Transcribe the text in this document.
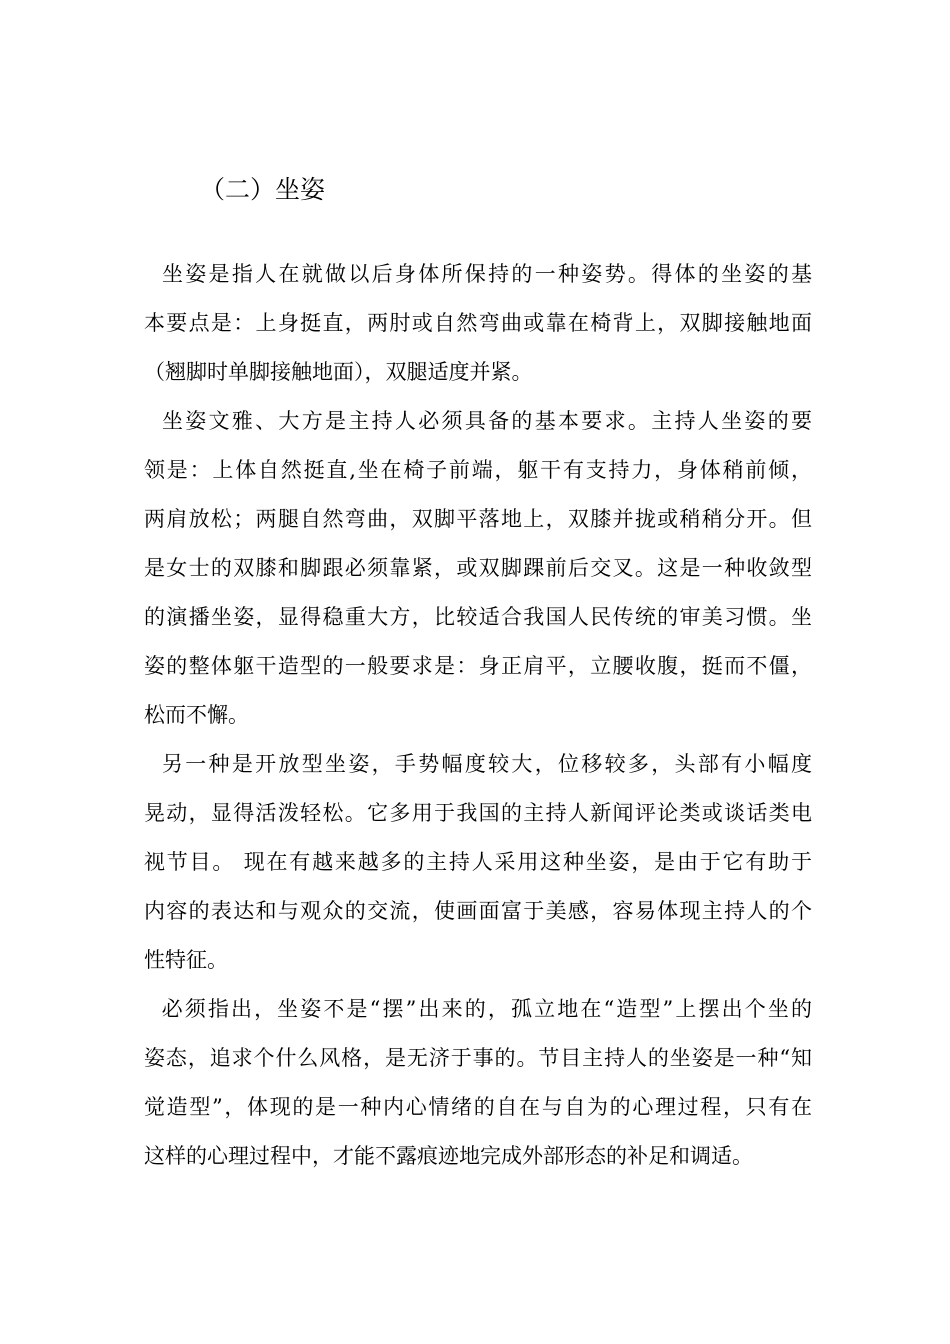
（二）坐姿
坐姿是指人在就做以后身体所保持的一种姿势。得体的坐姿的基
本要点是：上身挺直，两肘或自然弯曲或靠在椅背上，双脚接触地面
（翘脚时单脚接触地面），双腿适度并紧。
坐姿文雅、大方是主持人必须具备的基本要求。主持人坐姿的要
领是：上体自然挺直,坐在椅子前端，躯干有支持力，身体稍前倾，
两肩放松；两腿自然弯曲，双脚平落地上，双膝并拢或稍稍分开。但
是女士的双膝和脚跟必须靠紧，或双脚踝前后交叉。这是一种收敛型
的演播坐姿，显得稳重大方，比较适合我国人民传统的审美习惯。坐
姿的整体躯干造型的一般要求是：身正肩平，立腰收腹，挺而不僵，
松而不懈。
另一种是开放型坐姿，手势幅度较大，位移较多，头部有小幅度
晃动，显得活泼轻松。它多用于我国的主持人新闻评论类或谈话类电
视节目。 现在有越来越多的主持人采用这种坐姿，是由于它有助于
内容的表达和与观众的交流，使画面富于美感，容易体现主持人的个
性特征。
必须指出，坐姿不是“摆”出来的，孤立地在“造型”上摆出个坐的
姿态，追求个什么风格，是无济于事的。节目主持人的坐姿是一种“知
觉造型”，体现的是一种内心情绪的自在与自为的心理过程，只有在
这样的心理过程中，才能不露痕迹地完成外部形态的补足和调适。
